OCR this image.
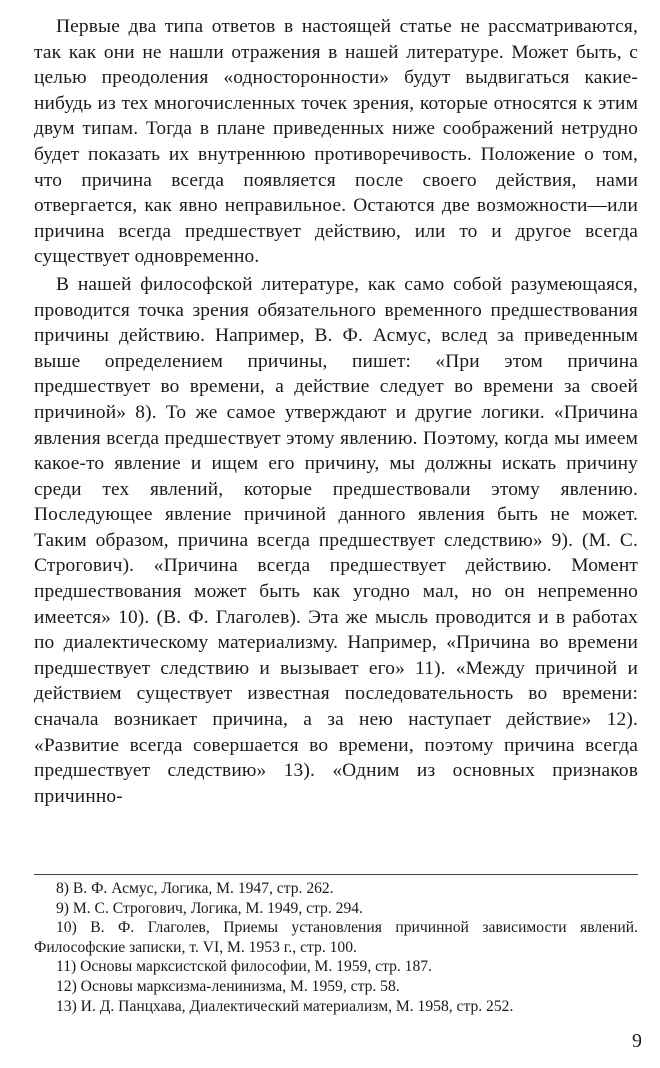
Первые два типа ответов в настоящей статье не рассматриваются, так как они не нашли отражения в нашей литературе. Может быть, с целью преодоления «односторонности» будут выдвигаться какие-нибудь из тех многочисленных точек зрения, которые относятся к этим двум типам. Тогда в плане приведенных ниже соображений нетрудно будет показать их внутреннюю противоречивость. Положение о том, что причина всегда появляется после своего действия, нами отвергается, как явно неправильное. Остаются две возможности—или причина всегда предшествует действию, или то и другое всегда существует одновременно.

В нашей философской литературе, как само собой разумеющаяся, проводится точка зрения обязательного временного предшествования причины действию. Например, В. Ф. Асмус, вслед за приведенным выше определением причины, пишет: «При этом причина предшествует во времени, а действие следует во времени за своей причиной» 8). То же самое утверждают и другие логики. «Причина явления всегда предшествует этому явлению. Поэтому, когда мы имеем какое-то явление и ищем его причину, мы должны искать причину среди тех явлений, которые предшествовали этому явлению. Последующее явление причиной данного явления быть не может. Таким образом, причина всегда предшествует следствию» 9). (М. С. Строгович). «Причина всегда предшествует действию. Момент предшествования может быть как угодно мал, но он непременно имеется» 10). (В. Ф. Глаголев). Эта же мысль проводится и в работах по диалектическому материализму. Например, «Причина во времени предшествует следствию и вызывает его» 11). «Между причиной и действием существует известная последовательность во времени: сначала возникает причина, а за нею наступает действие» 12). «Развитие всегда совершается во времени, поэтому причина всегда предшествует следствию» 13). «Одним из основных признаков причинно-

8) В. Ф. Асмус, Логика, М. 1947, стр. 262.

9) М. С. Строгович, Логика, М. 1949, стр. 294.

10) В. Ф. Глаголев, Приемы установления причинной зависимости явлений. Философские записки, т. VI, М. 1953 г., стр. 100.

11) Основы марксистской философии, М. 1959, стр. 187.

12) Основы марксизма-ленинизма, М. 1959, стр. 58.

13) И. Д. Панцхава, Диалектический материализм, М. 1958, стр. 252.

9
